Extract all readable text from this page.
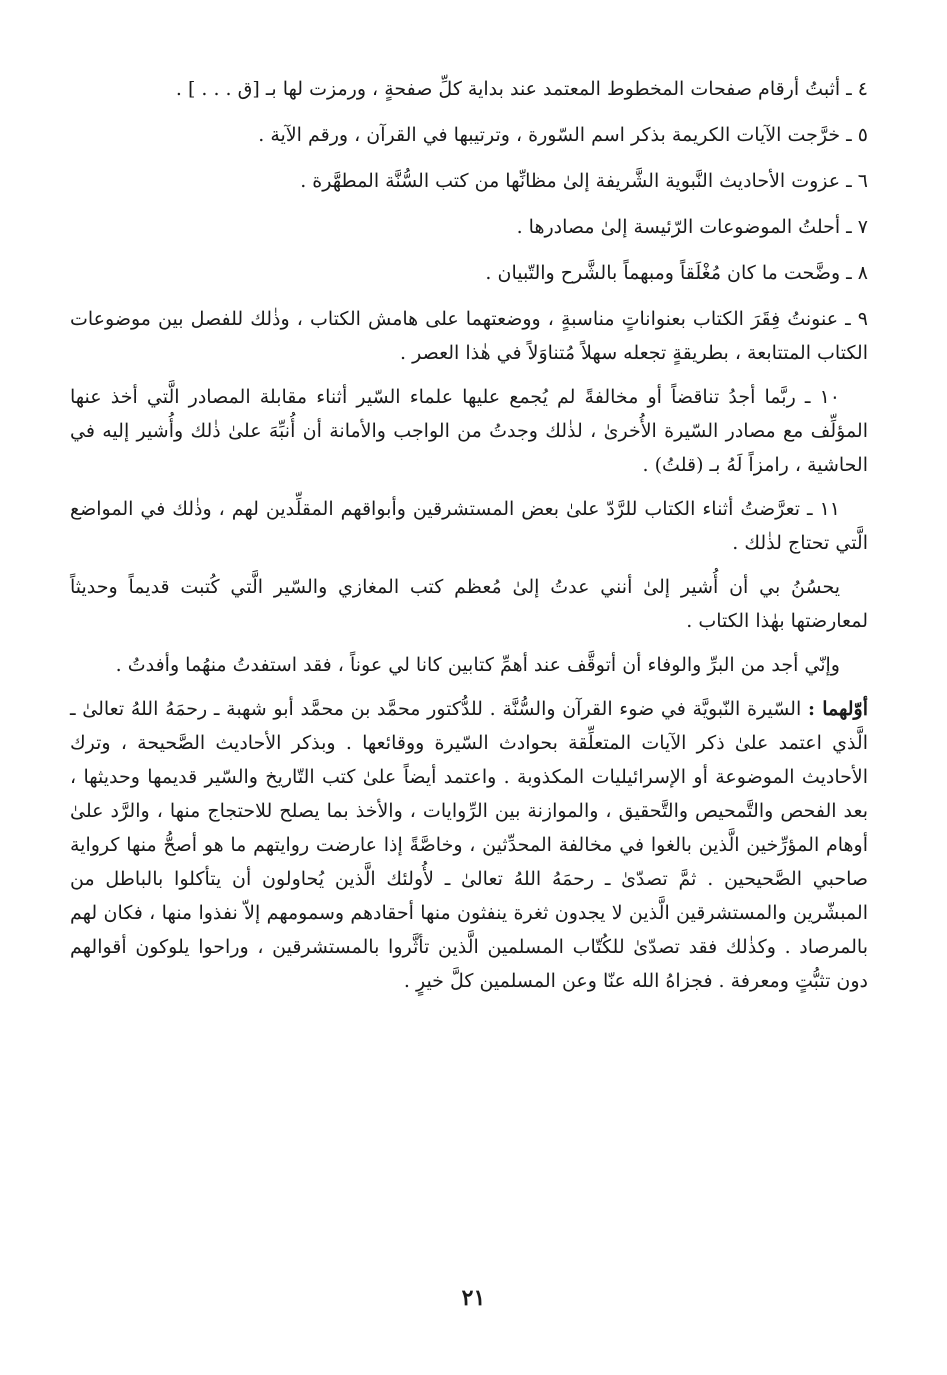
٤ ـ أثبتُ أرقام صفحات المخطوط المعتمد عند بداية كلِّ صفحةٍ ، ورمزت لها بـ [ق . . . ] .

٥ ـ خرَّجت الآيات الكريمة بذكر اسم السّورة ، وترتيبها في القرآن ، ورقم الآية .

٦ ـ عزوت الأحاديث النَّبوية الشَّريفة إلىٰ مظانِّها من كتب السُّنَّة المطهَّرة .

٧ ـ أحلتُ الموضوعات الرّئيسة إلىٰ مصادرها .

٨ ـ وضَّحت ما كان مُغْلَقاً ومبهماً بالشَّرح والتّبيان .

٩ ـ عنونتُ فِقَرَ الكتاب بعنواناتٍ مناسبةٍ ، ووضعتهما على هامش الكتاب ، وذٰلك للفصل بين موضوعات الكتاب المتتابعة ، بطريقةٍ تجعله سهلاً مُتناوَلاً في هٰذا العصر .

١٠ ـ ربَّما أجدُ تناقضاً أو مخالفةً لم يُجمع عليها علماء السّير أثناء مقابلة المصادر الَّتي أخذ عنها المؤلِّف مع مصادر السّيرة الأُخرىٰ ، لذٰلك وجدتُ من الواجب والأمانة أن أُنبِّهَ علىٰ ذٰلك وأُشير إليه في الحاشية ، رامزاً لَهُ بـ (قلتُ) .

١١ ـ تعرَّضتُ أثناء الكتاب للرَّدّ علىٰ بعض المستشرقين وأبواقهم المقلِّدين لهم ، وذٰلك في المواضع الَّتي تحتاج لذٰلك .

يحسُنُ بي أن أُشير إلىٰ أنني عدتُ إلىٰ مُعظم كتب المغازي والسّير الَّتي كُتبت قديماً وحديثاً لمعارضتها بهٰذا الكتاب .

وإنّي أجد من البرِّ والوفاء أن أتوقَّف عند أهمِّ كتابين كانا لي عوناً ، فقد استفدتُ منهُما وأفدتُ .

أوّلهما : السّيرة النّبويَّة في ضوء القرآن والسُّنَّة . للدُّكتور محمَّد بن محمَّد أبو شهبة ـ رحمَهُ اللهُ تعالىٰ ـ الَّذي اعتمد علىٰ ذكر الآيات المتعلِّقة بحوادث السّيرة ووقائعها . وبذكر الأحاديث الصَّحيحة ، وترك الأحاديث الموضوعة أو الإسرائيليات المكذوبة . واعتمد أيضاً علىٰ كتب التّاريخ والسّير قديمها وحديثها ، بعد الفحص والتَّمحيص والتَّحقيق ، والموازنة بين الرِّوايات ، والأخذ بما يصلح للاحتجاج منها ، والرَّد علىٰ أوهام المؤرِّخين الَّذين بالغوا في مخالفة المحدِّثين ، وخاصَّةً إذا عارضت روايتهم ما هو أصحُّ منها كرواية صاحبي الصَّحيحين . ثمَّ تصدّىٰ ـ رحمَهُ اللهُ تعالىٰ ـ لأُولئك الَّذين يُحاولون أن يتأكلوا بالباطل من المبشّرين والمستشرقين الَّذين لا يجدون ثغرة ينفثون منها أحقادهم وسمومهم إلاّ نفذوا منها ، فكان لهم بالمرصاد . وكذٰلك فقد تصدّىٰ للكُتّاب المسلمين الَّذين تأثَّروا بالمستشرقين ، وراحوا يلوكون أقوالهم دون تثبُّتٍ ومعرفة . فجزاهُ الله عنّا وعن المسلمين كلَّ خيرٍ .

٢١
